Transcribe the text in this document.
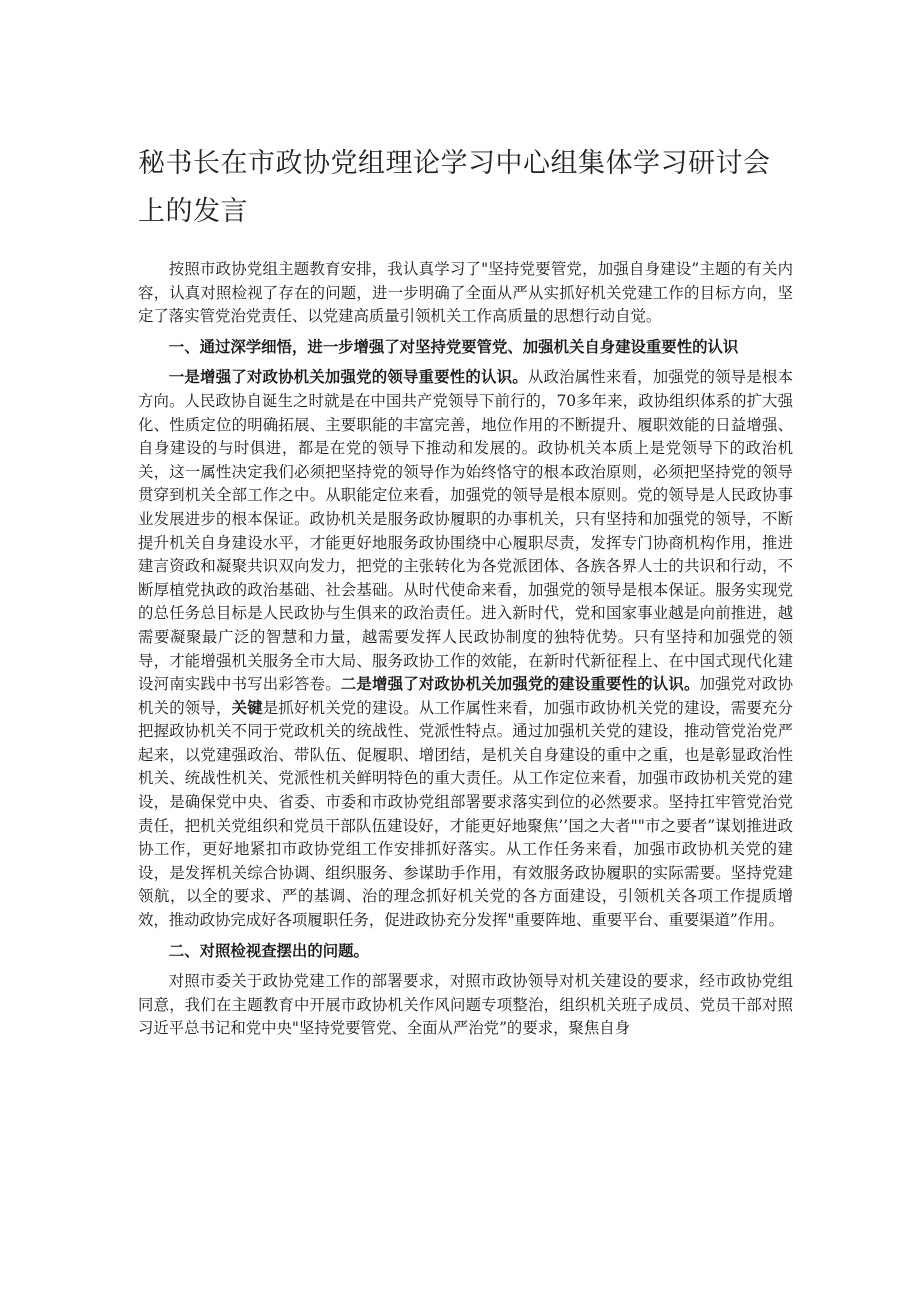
秘书长在市政协党组理论学习中心组集体学习研讨会上的发言

按照市政协党组主题教育安排，我认真学习了"坚持党要管党，加强自身建设”主题的有关内容，认真对照检视了存在的问题，进一步明确了全面从严从实抓好机关党建工作的目标方向，坚定了落实管党治党责任、以党建高质量引领机关工作高质量的思想行动自觉。

一、通过深学细悟，进一步增强了对坚持党要管党、加强机关自身建设重要性的认识

一是增强了对政协机关加强党的领导重要性的认识。从政治属性来看，加强党的领导是根本方向。人民政协自诞生之时就是在中国共产党领导下前行的，70多年来，政协组织体系的扩大强化、性质定位的明确拓展、主要职能的丰富完善，地位作用的不断提升、履职效能的日益增强、自身建设的与时俱进，都是在党的领导下推动和发展的。政协机关本质上是党领导下的政治机关，这一属性决定我们必须把坚持党的领导作为始终恪守的根本政治原则，必须把坚持党的领导贯穿到机关全部工作之中。从职能定位来看，加强党的领导是根本原则。党的领导是人民政协事业发展进步的根本保证。政协机关是服务政协履职的办事机关，只有坚持和加强党的领导，不断提升机关自身建设水平，才能更好地服务政协围绕中心履职尽责，发挥专门协商机构作用，推进建言资政和凝聚共识双向发力，把党的主张转化为各党派团体、各族各界人士的共识和行动，不断厚植党执政的政治基础、社会基础。从时代使命来看，加强党的领导是根本保证。服务实现党的总任务总目标是人民政协与生俱来的政治责任。进入新时代，党和国家事业越是向前推进，越需要凝聚最广泛的智慧和力量，越需要发挥人民政协制度的独特优势。只有坚持和加强党的领导，才能增强机关服务全市大局、服务政协工作的效能，在新时代新征程上、在中国式现代化建设河南实践中书写出彩答卷。二是增强了对政协机关加强党的建设重要性的认识。加强党对政协机关的领导，关键是抓好机关党的建设。从工作属性来看，加强市政协机关党的建设，需要充分把握政协机关不同于党政机关的统战性、党派性特点。通过加强机关党的建设，推动管党治党严起来，以党建强政治、带队伍、促履职、增团结，是机关自身建设的重中之重，也是彰显政治性机关、统战性机关、党派性机关鲜明特色的重大责任。从工作定位来看，加强市政协机关党的建设，是确保党中央、省委、市委和市政协党组部署要求落实到位的必然要求。坚持扛牢管党治党责任，把机关党组织和党员干部队伍建设好，才能更好地聚焦’’国之大者""市之要者”谋划推进政协工作，更好地紧扣市政协党组工作安排抓好落实。从工作任务来看，加强市政协机关党的建设，是发挥机关综合协调、组织服务、参谋助手作用，有效服务政协履职的实际需要。坚持党建领航，以全的要求、严的基调、治的理念抓好机关党的各方面建设，引领机关各项工作提质增效，推动政协完成好各项履职任务，促进政协充分发挥"重要阵地、重要平台、重要渠道”作用。

二、对照检视查摆出的问题。

对照市委关于政协党建工作的部署要求，对照市政协领导对机关建设的要求，经市政协党组同意，我们在主题教育中开展市政协机关作风问题专项整治，组织机关班子成员、党员干部对照习近平总书记和党中央"坚持党要管党、全面从严治党”的要求，聚焦自身
